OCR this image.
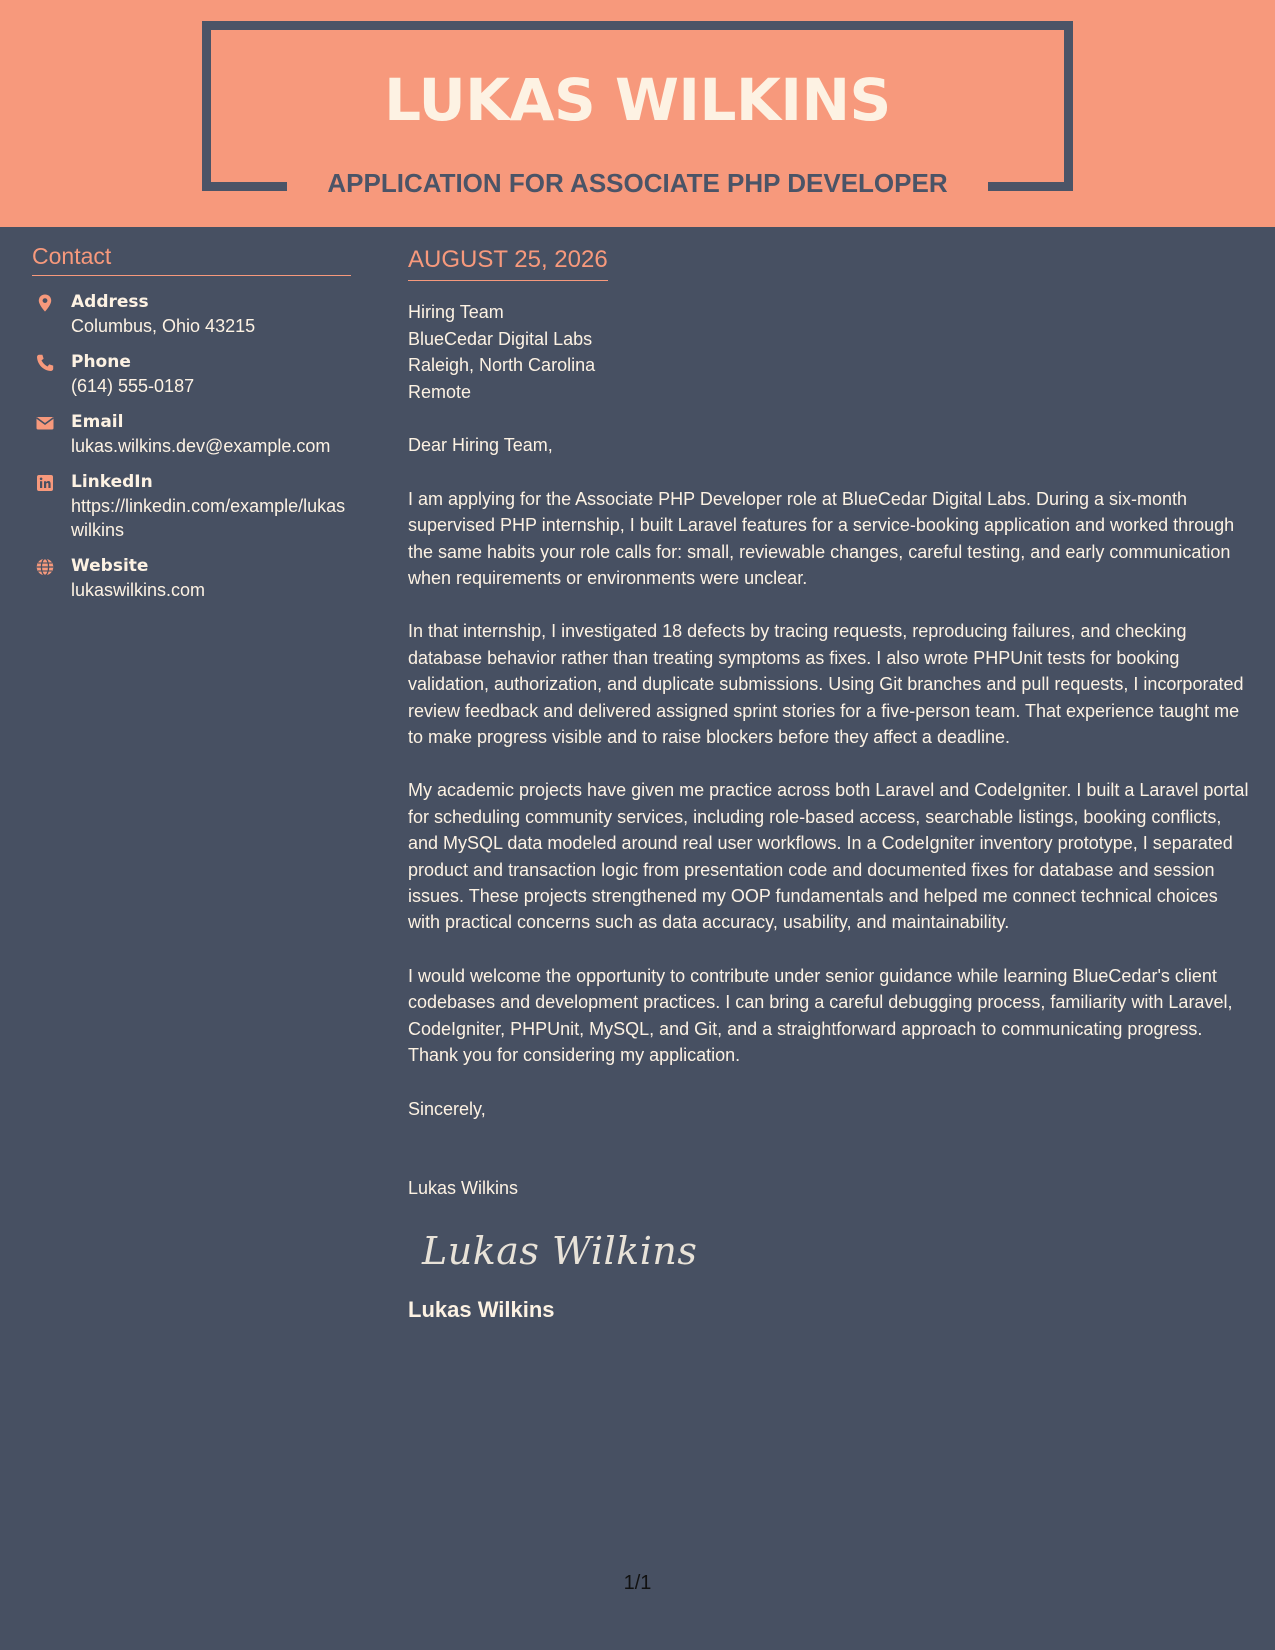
LUKAS WILKINS
APPLICATION FOR ASSOCIATE PHP DEVELOPER
Contact
Address
Columbus, Ohio 43215
Phone
(614) 555-0187
Email
lukas.wilkins.dev@example.com
LinkedIn
https://linkedin.com/example/lukaswilkins
Website
lukaswilkins.com
AUGUST 25, 2026
Hiring Team
BlueCedar Digital Labs
Raleigh, North Carolina
Remote
Dear Hiring Team,

I am applying for the Associate PHP Developer role at BlueCedar Digital Labs. During a six-month supervised PHP internship, I built Laravel features for a service-booking application and worked through the same habits your role calls for: small, reviewable changes, careful testing, and early communication when requirements or environments were unclear.

In that internship, I investigated 18 defects by tracing requests, reproducing failures, and checking database behavior rather than treating symptoms as fixes. I also wrote PHPUnit tests for booking validation, authorization, and duplicate submissions. Using Git branches and pull requests, I incorporated review feedback and delivered assigned sprint stories for a five-person team. That experience taught me to make progress visible and to raise blockers before they affect a deadline.

My academic projects have given me practice across both Laravel and CodeIgniter. I built a Laravel portal for scheduling community services, including role-based access, searchable listings, booking conflicts, and MySQL data modeled around real user workflows. In a CodeIgniter inventory prototype, I separated product and transaction logic from presentation code and documented fixes for database and session issues. These projects strengthened my OOP fundamentals and helped me connect technical choices with practical concerns such as data accuracy, usability, and maintainability.

I would welcome the opportunity to contribute under senior guidance while learning BlueCedar's client codebases and development practices. I can bring a careful debugging process, familiarity with Laravel, CodeIgniter, PHPUnit, MySQL, and Git, and a straightforward approach to communicating progress. Thank you for considering my application.

Sincerely,
Lukas Wilkins
Lukas Wilkins
Lukas Wilkins
1/1
